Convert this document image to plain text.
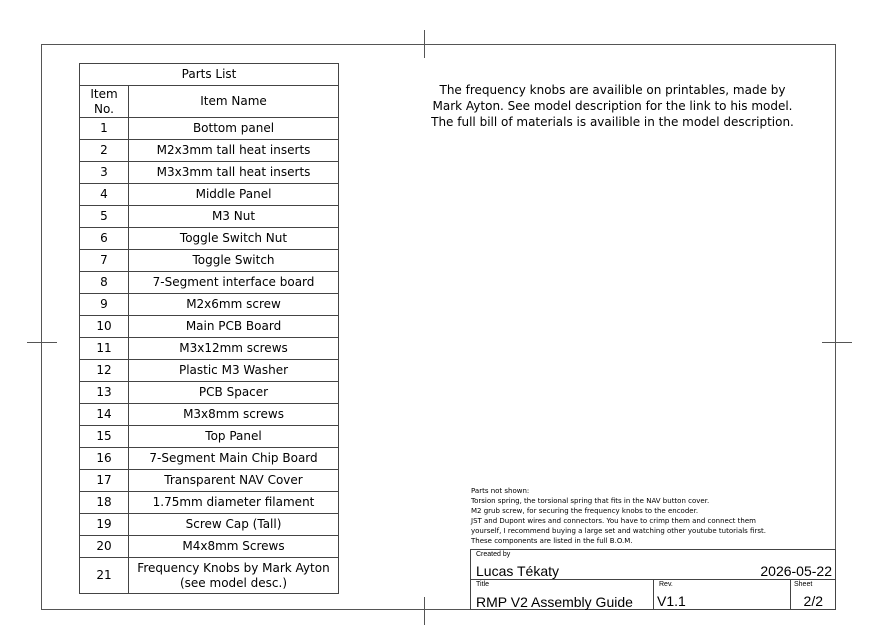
Parts List	
Item No.	Item Name
1	Bottom panel
2	M2x3mm tall heat inserts
3	M3x3mm tall heat inserts
4	Middle Panel
5	M3 Nut
6	Toggle Switch Nut
7	Toggle Switch
8	7-Segment interface board
9	M2x6mm screw
10	Main PCB Board
11	M3x12mm screws
12	Plastic M3 Washer
13	PCB Spacer
14	M3x8mm screws
15	Top Panel
16	7-Segment Main Chip Board
17	Transparent NAV Cover
18	1.75mm diameter filament
19	Screw Cap (Tall)
20	M4x8mm Screws
21	Frequency Knobs by Mark Ayton
(see model desc.)
The frequency knobs are availible on printables, made by
Mark Ayton. See model description for the link to his model.
The full bill of materials is availible in the model description.
Parts not shown:
Torsion spring, the torsional spring that fits in the NAV button cover.
M2 grub screw, for securing the frequency knobs to the encoder.
JST and Dupont wires and connectors. You have to crimp them and connect them
yourself, I recommend buying a large set and watching other youtube tutorials first.
These components are listed in the full B.O.M.
Created by
Lucas Tékaty	2026-05-22
Title
RMP V2 Assembly Guide
Rev.
V1.1
Sheet
2/2
